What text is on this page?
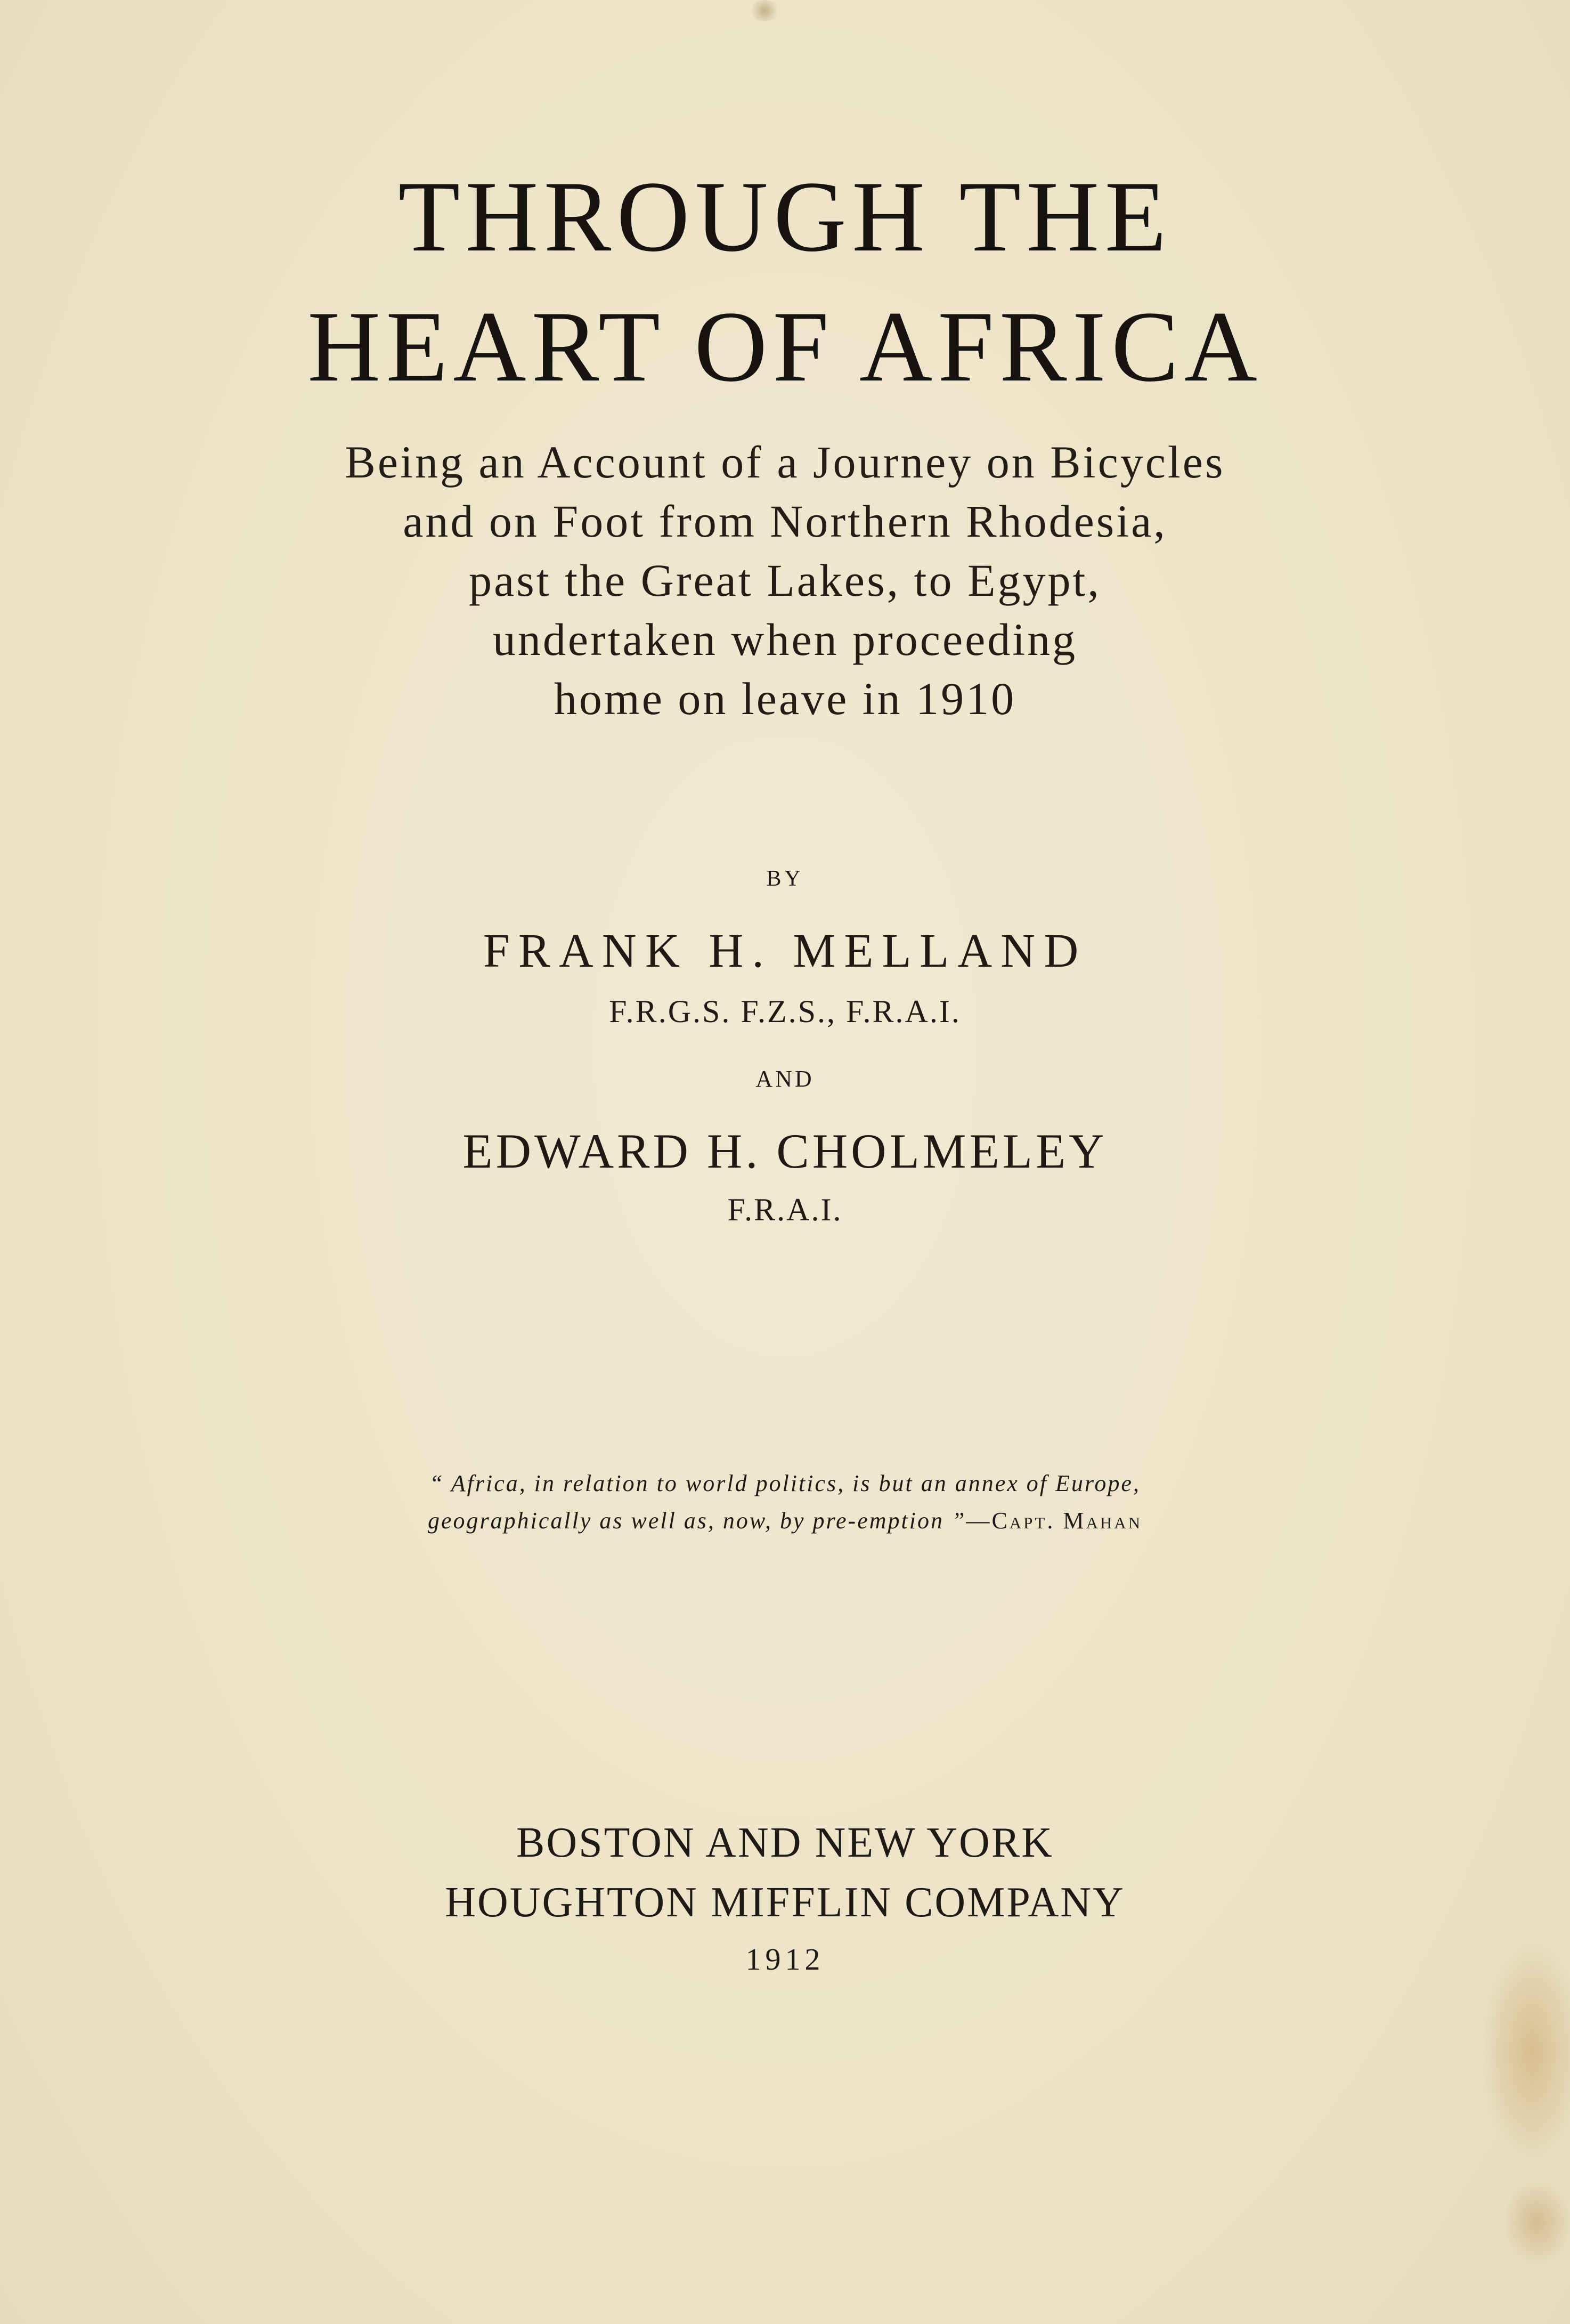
THROUGH THE
HEART OF AFRICA
Being an Account of a Journey on Bicycles
and on Foot from Northern Rhodesia,
past the Great Lakes, to Egypt,
undertaken when proceeding
home on leave in 1910
BY
FRANK H. MELLAND
F.R.G.S. F.Z.S., F.R.A.I.
AND
EDWARD H. CHOLMELEY
F.R.A.I.
“ Africa, in relation to world politics, is but an annex of Europe,
geographically as well as, now, by pre-emption ”—Capt. Mahan
BOSTON AND NEW YORK
HOUGHTON MIFFLIN COMPANY
1912
